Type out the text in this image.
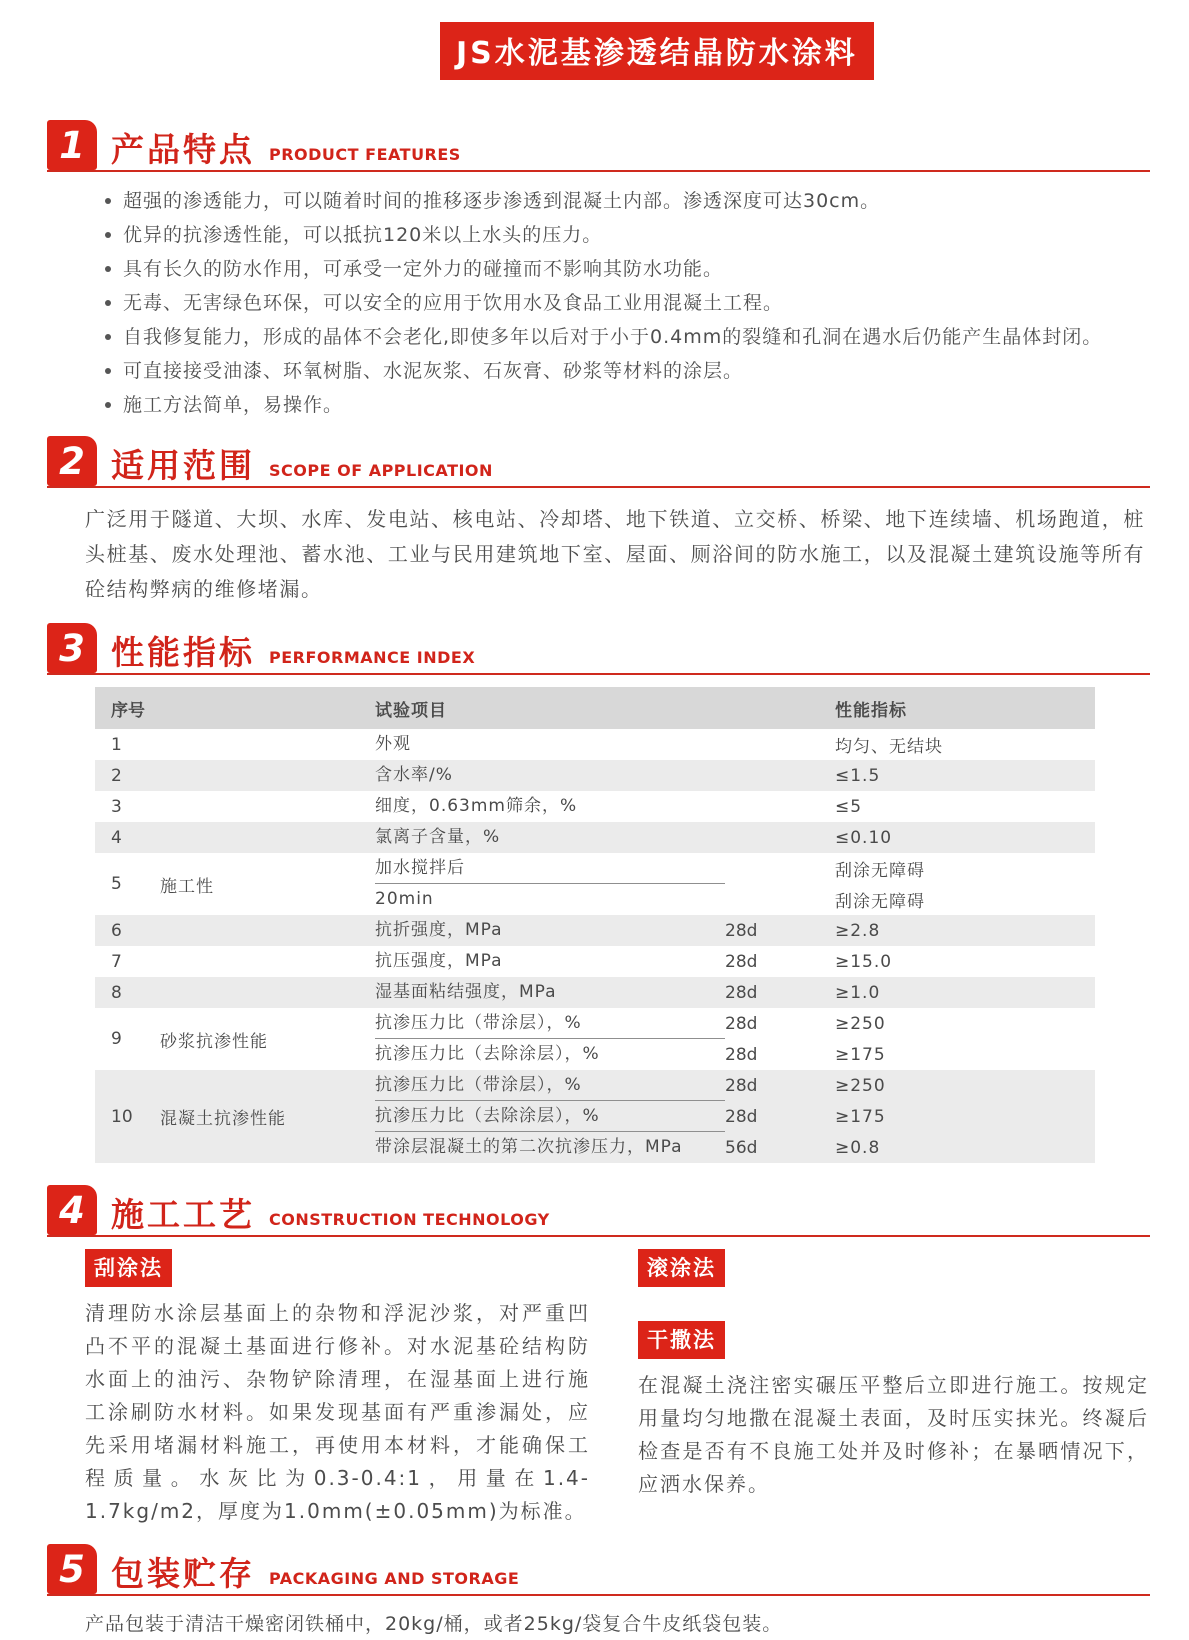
JS水泥基渗透结晶防水涂料
1 产品特点 PRODUCT FEATURES
超强的渗透能力，可以随着时间的推移逐步渗透到混凝土内部。渗透深度可达30cm。
优异的抗渗透性能，可以抵抗120米以上水头的压力。
具有长久的防水作用，可承受一定外力的碰撞而不影响其防水功能。
无毒、无害绿色环保，可以安全的应用于饮用水及食品工业用混凝土工程。
自我修复能力，形成的晶体不会老化,即使多年以后对于小于0.4mm的裂缝和孔洞在遇水后仍能产生晶体封闭。
可直接接受油漆、环氧树脂、水泥灰浆、石灰膏、砂浆等材料的涂层。
施工方法简单，易操作。
2 适用范围 SCOPE OF APPLICATION

广泛用于隧道、大坝、水库、发电站、核电站、冷却塔、地下铁道、立交桥、桥梁、地下连续墙、机场跑道，桩头桩基、废水处理池、蓄水池、工业与民用建筑地下室、屋面、厕浴间的防水施工，以及混凝土建筑设施等所有砼结构弊病的维修堵漏。

3 性能指标 PERFORMANCE INDEX
序号	试验项目	性能指标
1	外观	均匀、无结块
2	含水率/%	≤1.5
3	细度，0.63mm筛余，%	≤5
4	氯离子含量，%	≤0.10
5	施工性
加水搅拌后	刮涂无障碍
20min	刮涂无障碍
6	抗折强度，MPa	28d	≥2.8
7	抗压强度，MPa	28d	≥15.0
8	湿基面粘结强度，MPa	28d	≥1.0
9	砂浆抗渗性能
抗渗压力比（带涂层），%	28d	≥250
抗渗压力比（去除涂层），%	28d	≥175
10	混凝土抗渗性能
抗渗压力比（带涂层），%	28d	≥250
抗渗压力比（去除涂层），%	28d	≥175
带涂层混凝土的第二次抗渗压力，MPa	56d	≥0.8
4 施工工艺 CONSTRUCTION TECHNOLOGY
刮涂法

清理防水涂层基面上的杂物和浮泥沙浆，对严重凹凸不平的混凝土基面进行修补。对水泥基砼结构防水面上的油污、杂物铲除清理，在湿基面上进行施工涂刷防水材料。如果发现基面有严重渗漏处，应先采用堵漏材料施工，再使用本材料，才能确保工程质量。水灰比为0.3-0.4:1，用量在1.4-1.7kg/m2，厚度为1.0mm(±0.05mm)为标准。

滚涂法
干撒法

在混凝土浇注密实碾压平整后立即进行施工。按规定用量均匀地撒在混凝土表面，及时压实抹光。终凝后检查是否有不良施工处并及时修补；在暴晒情况下，应洒水保养。

5 包装贮存 PACKAGING AND STORAGE

产品包装于清洁干燥密闭铁桶中，20kg/桶，或者25kg/袋复合牛皮纸袋包装。
